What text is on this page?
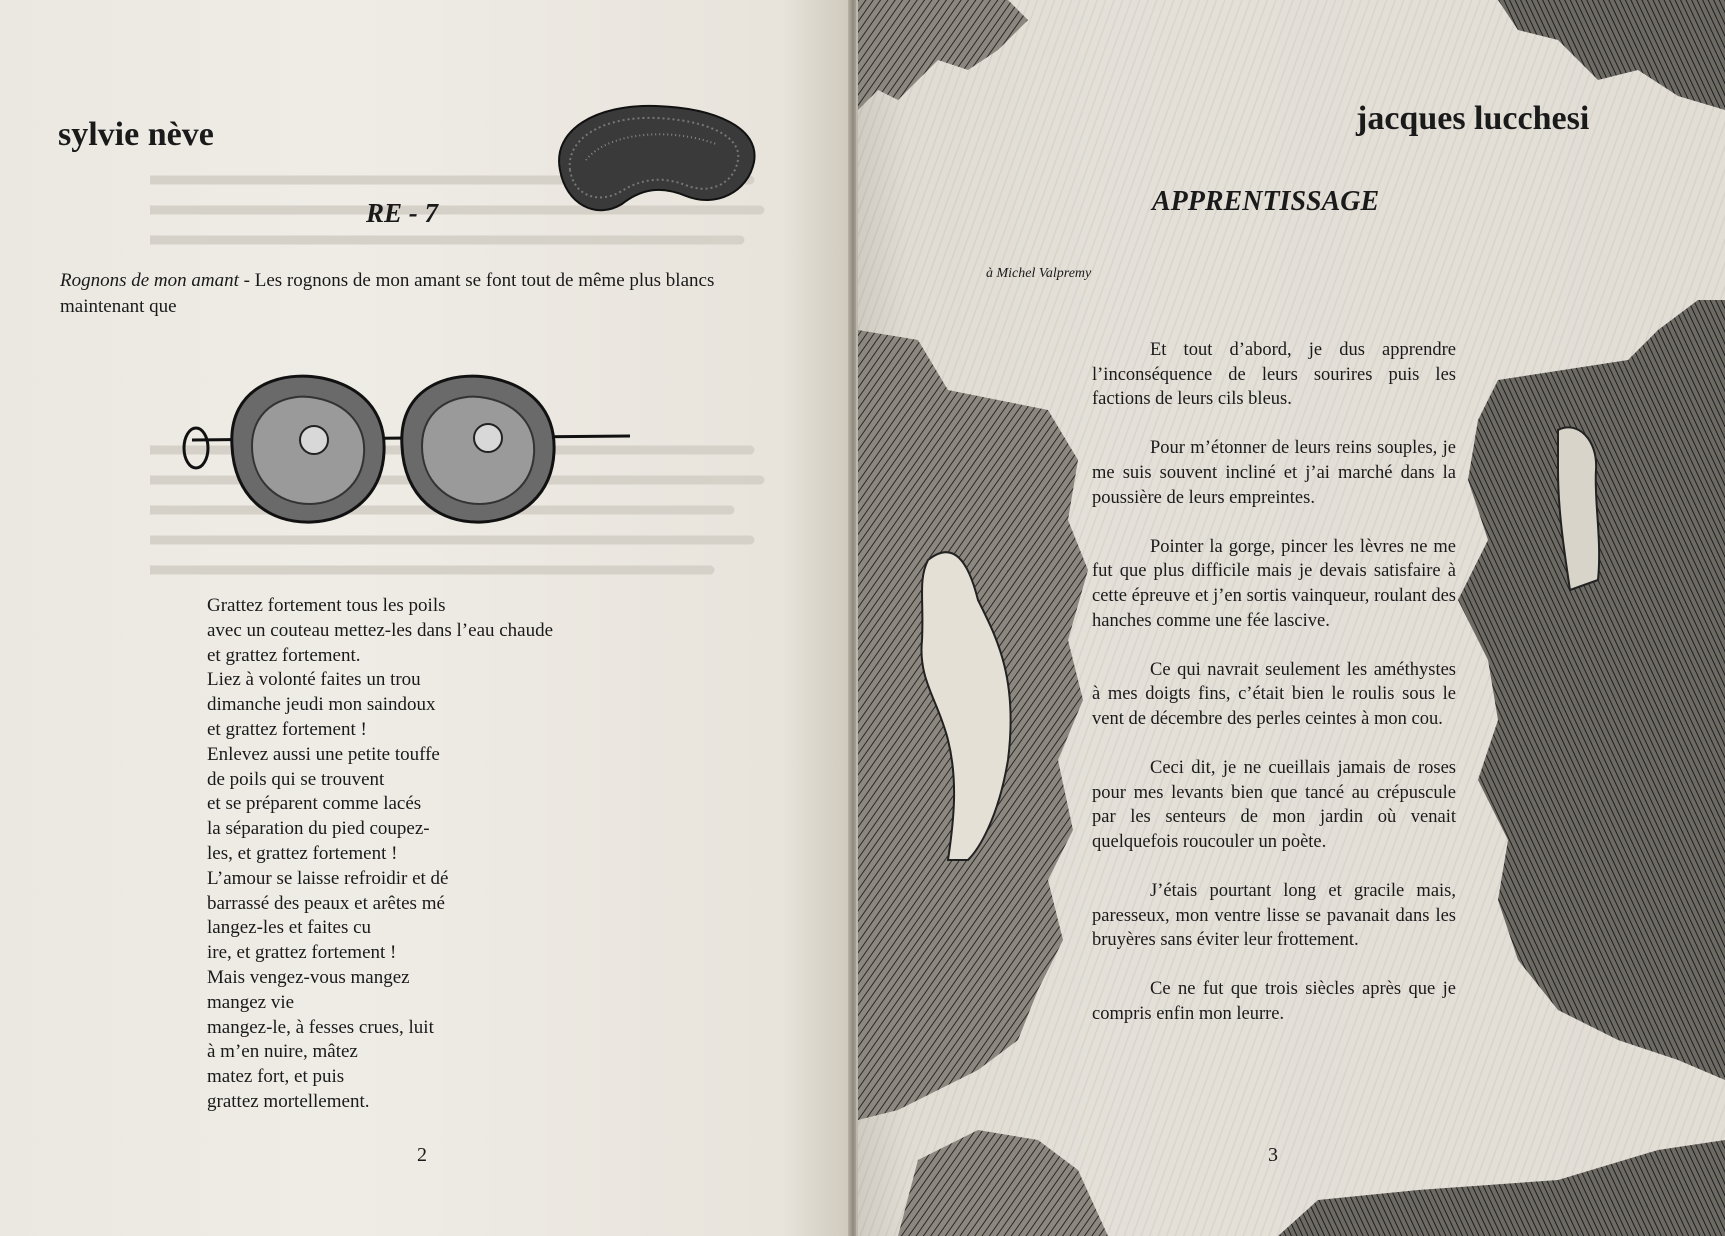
sylvie nève
RE - 7

Rognons de mon amant - Les rognons de mon amant se font tout de même plus blancs maintenant que

Grattez fortement tous les poils
avec un couteau mettez-les dans l’eau chaude
et grattez fortement.
Liez à volonté faites un trou
dimanche jeudi mon saindoux
et grattez fortement !
Enlevez aussi une petite touffe
de poils qui se trouvent
et se préparent comme lacés
la séparation du pied coupez-
les, et grattez fortement !
L’amour se laisse refroidir et dé
barrassé des peaux et arêtes mé
langez-les et faites cu
ire, et grattez fortement !
Mais vengez-vous mangez
mangez vie
mangez-le, à fesses crues, luit
à m’en nuire, mâtez
matez fort, et puis
grattez mortellement.
2
jacques lucchesi
APPRENTISSAGE
à Michel Valpremy

Et tout d’abord, je dus apprendre l’inconséquence de leurs sourires puis les factions de leurs cils bleus.

Pour m’étonner de leurs reins souples, je me suis souvent incliné et j’ai marché dans la poussière de leurs empreintes.

Pointer la gorge, pincer les lèvres ne me fut que plus difficile mais je devais satisfaire à cette épreuve et j’en sortis vainqueur, roulant des hanches comme une fée lascive.

Ce qui navrait seulement les améthystes à mes doigts fins, c’était bien le roulis sous le vent de décembre des perles ceintes à mon cou.

Ceci dit, je ne cueillais jamais de roses pour mes levants bien que tancé au crépuscule par les senteurs de mon jardin où venait quelquefois roucouler un poète.

J’étais pourtant long et gracile mais, paresseux, mon ventre lisse se pavanait dans les bruyères sans éviter leur frottement.

Ce ne fut que trois siècles après que je compris enfin mon leurre.

3
